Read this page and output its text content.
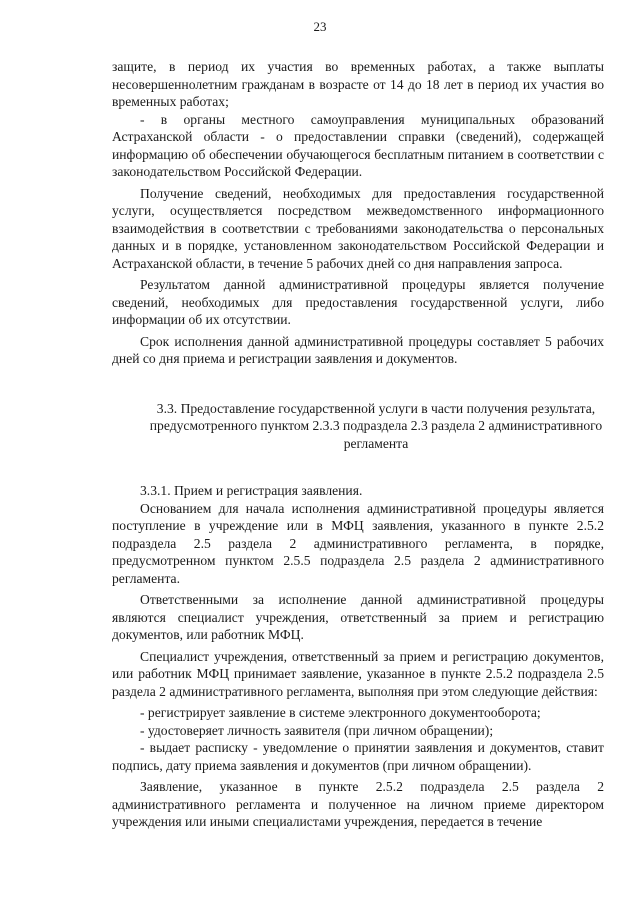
23

защите, в период их участия во временных работах, а также выплаты несовершеннолетним гражданам в возрасте от 14 до 18 лет в период их участия во временных работах;

- в органы местного самоуправления муниципальных образований Астраханской области - о предоставлении справки (сведений), содержащей информацию об обеспечении обучающегося бесплатным питанием в соответствии с законодательством Российской Федерации.

Получение сведений, необходимых для предоставления государственной услуги, осуществляется посредством межведомственного информационного взаимодействия в соответствии с требованиями законодательства о персональных данных и в порядке, установленном законодательством Российской Федерации и Астраханской области, в течение 5 рабочих дней со дня направления запроса.

Результатом данной административной процедуры является получение сведений, необходимых для предоставления государственной услуги, либо информации об их отсутствии.

Срок исполнения данной административной процедуры составляет 5 рабочих дней со дня приема и регистрации заявления и документов.

3.3. Предоставление государственной услуги в части получения результата, предусмотренного пунктом 2.3.3 подраздела 2.3 раздела 2 административного регламента

3.3.1. Прием и регистрация заявления.

Основанием для начала исполнения административной процедуры является поступление в учреждение или в МФЦ заявления, указанного в пункте 2.5.2 подраздела 2.5 раздела 2 административного регламента, в порядке, предусмотренном пунктом 2.5.5 подраздела 2.5 раздела 2 административного регламента.

Ответственными за исполнение данной административной процедуры являются специалист учреждения, ответственный за прием и регистрацию документов, или работник МФЦ.

Специалист учреждения, ответственный за прием и регистрацию документов, или работник МФЦ принимает заявление, указанное в пункте 2.5.2 подраздела 2.5 раздела 2 административного регламента, выполняя при этом следующие действия:

- регистрирует заявление в системе электронного документооборота;

- удостоверяет личность заявителя (при личном обращении);

- выдает расписку - уведомление о принятии заявления и документов, ставит подпись, дату приема заявления и документов (при личном обращении).

Заявление, указанное в пункте 2.5.2 подраздела 2.5 раздела 2 административного регламента и полученное на личном приеме директором учреждения или иными специалистами учреждения, передается в течение
